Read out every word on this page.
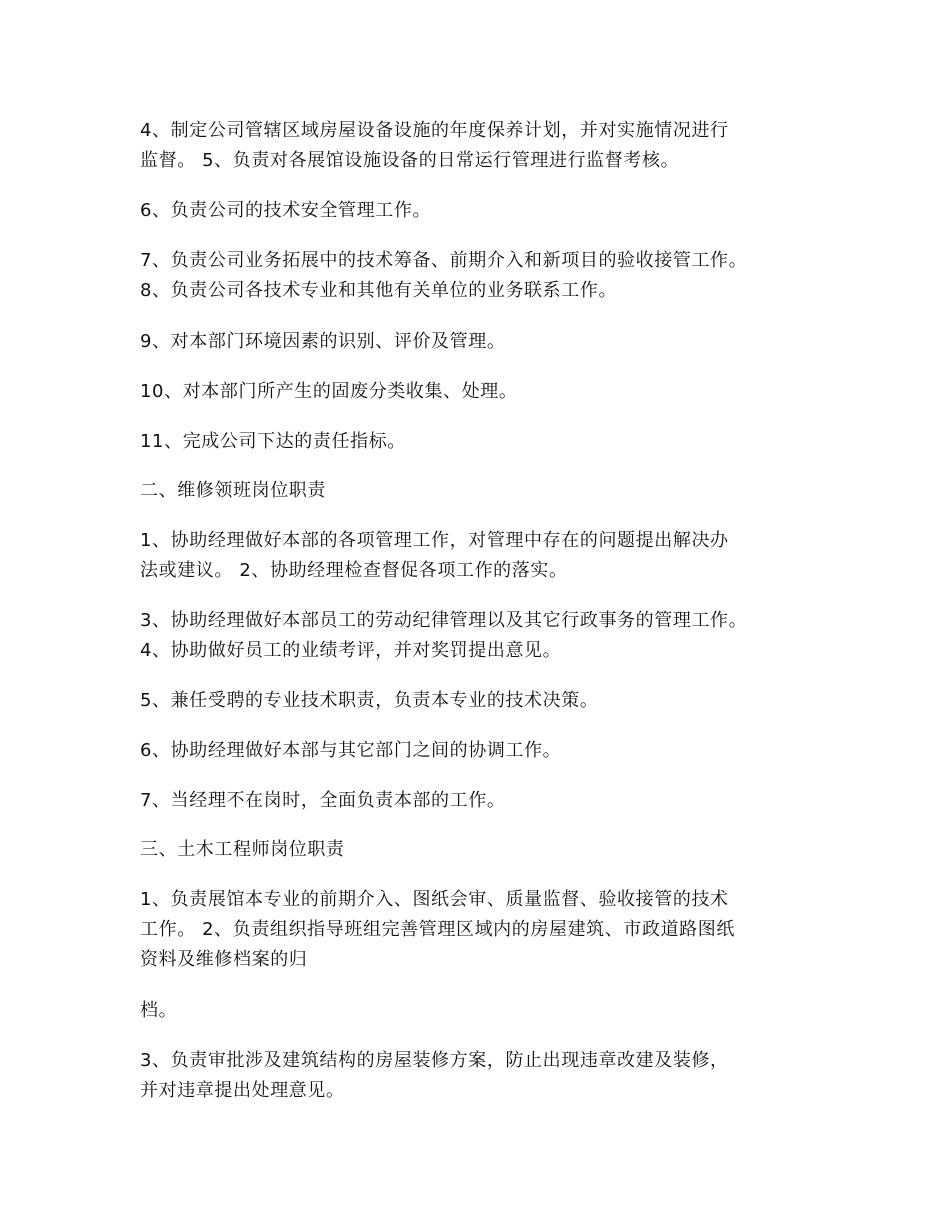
4、制定公司管辖区域房屋设备设施的年度保养计划，并对实施情况进行
监督。 5、负责对各展馆设施设备的日常运行管理进行监督考核。

6、负责公司的技术安全管理工作。

7、负责公司业务拓展中的技术筹备、前期介入和新项目的验收接管工作。
8、负责公司各技术专业和其他有关单位的业务联系工作。

9、对本部门环境因素的识别、评价及管理。

10、对本部门所产生的固废分类收集、处理。

11、完成公司下达的责任指标。

二、维修领班岗位职责

1、协助经理做好本部的各项管理工作，对管理中存在的问题提出解决办
法或建议。 2、协助经理检查督促各项工作的落实。

3、协助经理做好本部员工的劳动纪律管理以及其它行政事务的管理工作。
4、协助做好员工的业绩考评，并对奖罚提出意见。

5、兼任受聘的专业技术职责，负责本专业的技术决策。

6、协助经理做好本部与其它部门之间的协调工作。

7、当经理不在岗时，全面负责本部的工作。

三、土木工程师岗位职责

1、负责展馆本专业的前期介入、图纸会审、质量监督、验收接管的技术
工作。 2、负责组织指导班组完善管理区域内的房屋建筑、市政道路图纸
资料及维修档案的归

档。

3、负责审批涉及建筑结构的房屋装修方案，防止出现违章改建及装修，
并对违章提出处理意见。
